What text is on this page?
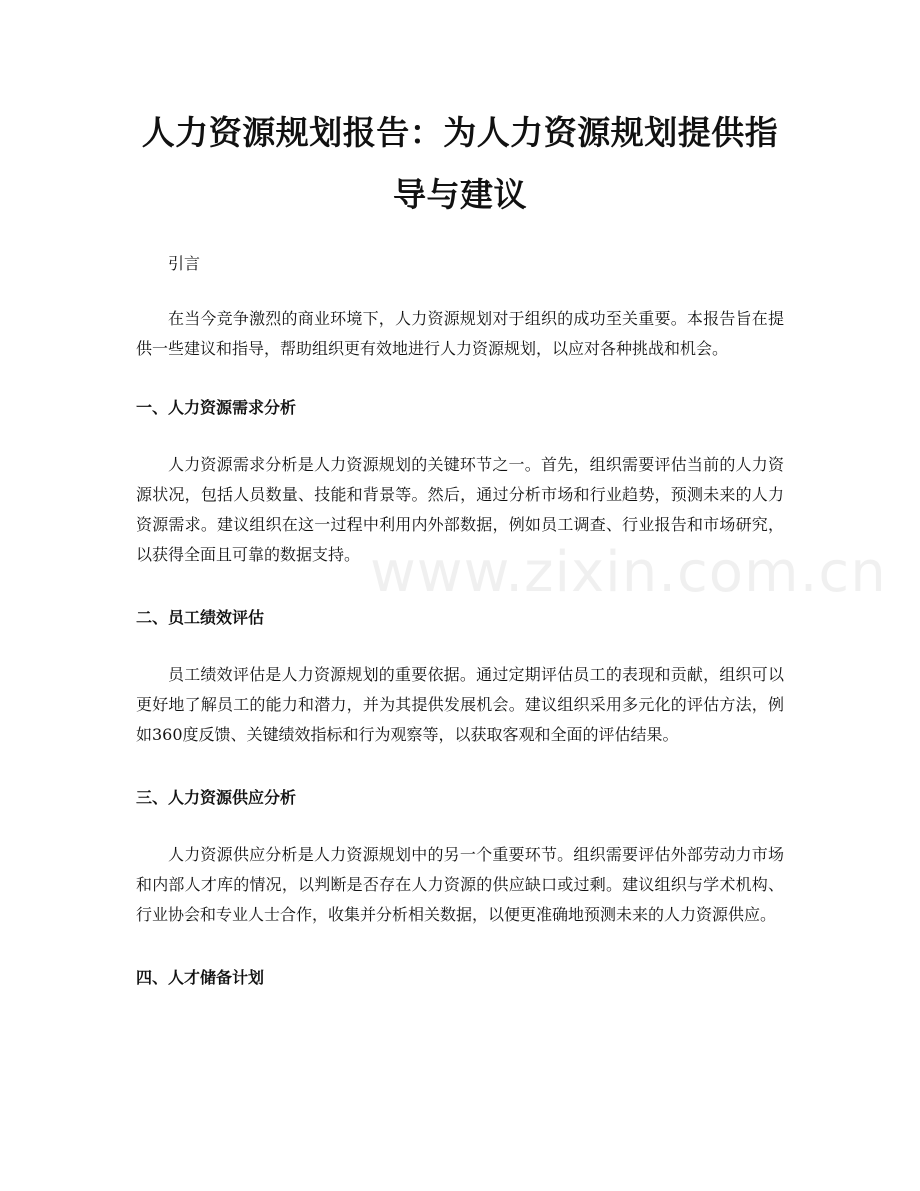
人力资源规划报告：为人力资源规划提供指导与建议
引言

在当今竞争激烈的商业环境下，人力资源规划对于组织的成功至关重要。本报告旨在提供一些建议和指导，帮助组织更有效地进行人力资源规划，以应对各种挑战和机会。

一、人力资源需求分析

人力资源需求分析是人力资源规划的关键环节之一。首先，组织需要评估当前的人力资源状况，包括人员数量、技能和背景等。然后，通过分析市场和行业趋势，预测未来的人力资源需求。建议组织在这一过程中利用内外部数据，例如员工调查、行业报告和市场研究，以获得全面且可靠的数据支持。

二、员工绩效评估

员工绩效评估是人力资源规划的重要依据。通过定期评估员工的表现和贡献，组织可以更好地了解员工的能力和潜力，并为其提供发展机会。建议组织采用多元化的评估方法，例如360度反馈、关键绩效指标和行为观察等，以获取客观和全面的评估结果。

三、人力资源供应分析

人力资源供应分析是人力资源规划中的另一个重要环节。组织需要评估外部劳动力市场和内部人才库的情况，以判断是否存在人力资源的供应缺口或过剩。建议组织与学术机构、行业协会和专业人士合作，收集并分析相关数据，以便更准确地预测未来的人力资源供应。

四、人才储备计划
www.zixin.com.cn
